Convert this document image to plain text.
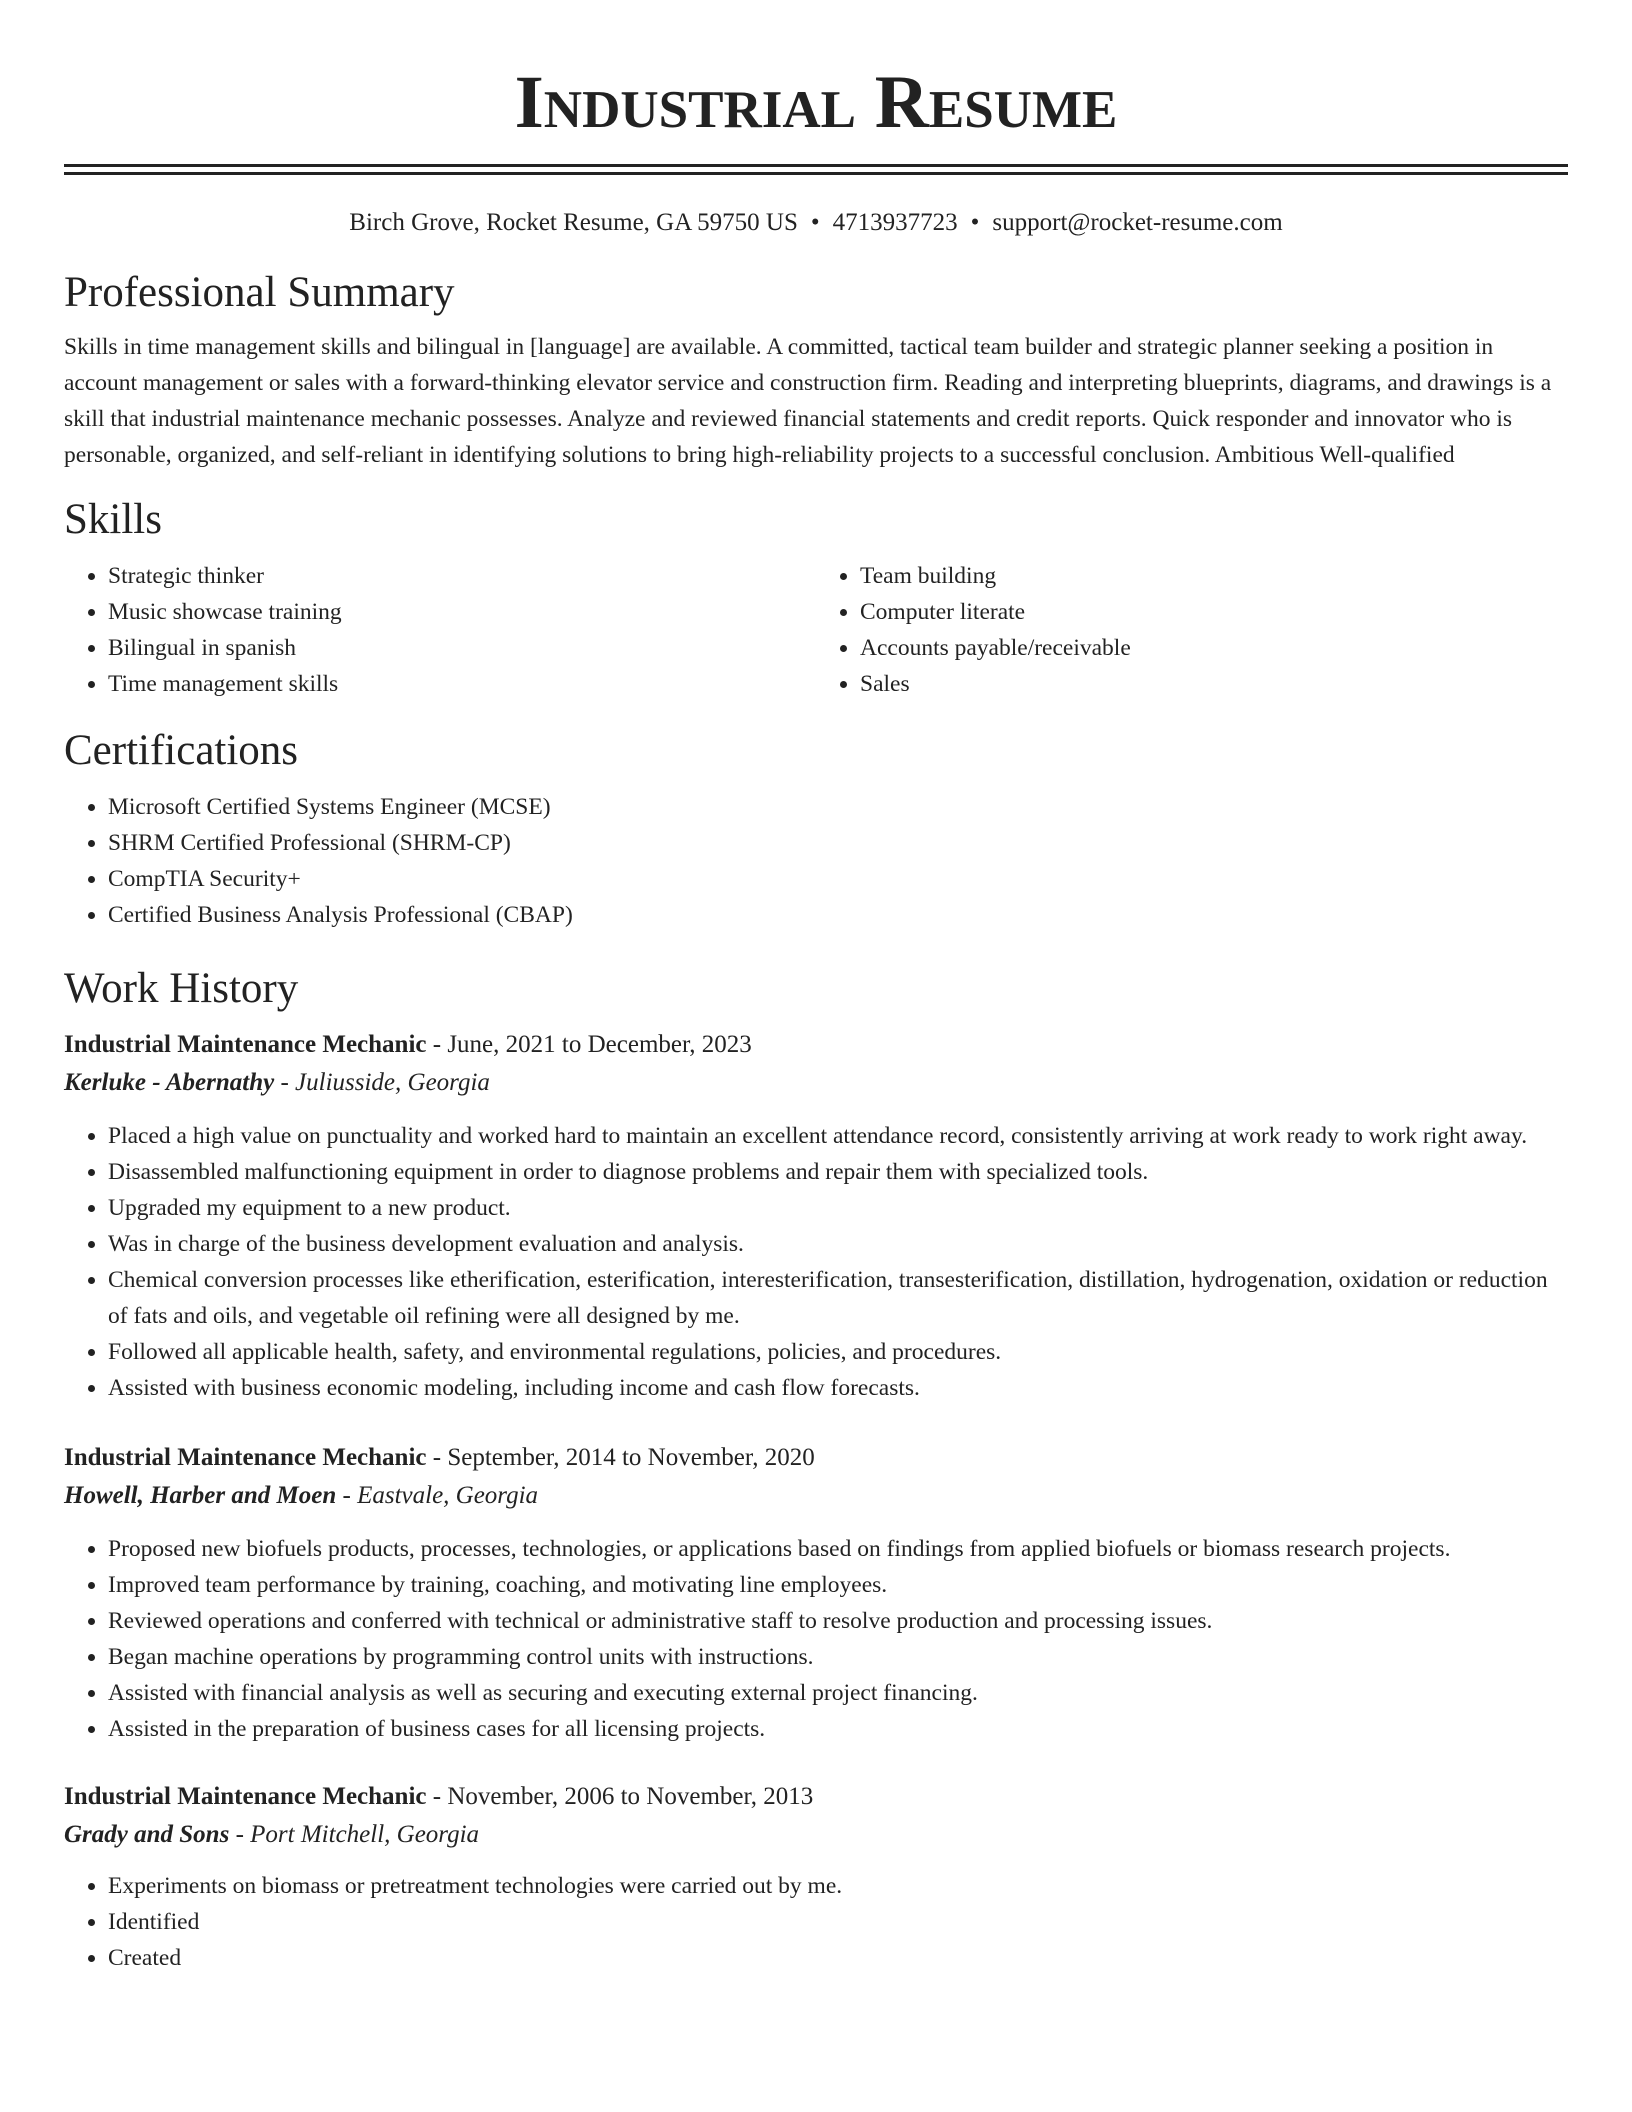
Industrial Resume
Birch Grove, Rocket Resume, GA 59750 US • 4713937723 • support@rocket-resume.com
Professional Summary

Skills in time management skills and bilingual in [language] are available. A committed, tactical team builder and strategic planner seeking a position in account management or sales with a forward-thinking elevator service and construction firm. Reading and interpreting blueprints, diagrams, and drawings is a skill that industrial maintenance mechanic possesses. Analyze and reviewed financial statements and credit reports. Quick responder and innovator who is personable, organized, and self-reliant in identifying solutions to bring high-reliability projects to a successful conclusion. Ambitious Well-qualified

Skills
• Strategic thinker
• Music showcase training
• Bilingual in spanish
• Time management skills
• Team building
• Computer literate
• Accounts payable/receivable
• Sales
Certifications
• Microsoft Certified Systems Engineer (MCSE)
• SHRM Certified Professional (SHRM-CP)
• CompTIA Security+
• Certified Business Analysis Professional (CBAP)
Work History

Industrial Maintenance Mechanic - June, 2021 to December, 2023

Kerluke - Abernathy - Juliusside, Georgia

• Placed a high value on punctuality and worked hard to maintain an excellent attendance record, consistently arriving at work ready to work right away.
• Disassembled malfunctioning equipment in order to diagnose problems and repair them with specialized tools.
• Upgraded my equipment to a new product.
• Was in charge of the business development evaluation and analysis.
• Chemical conversion processes like etherification, esterification, interesterification, transesterification, distillation, hydrogenation, oxidation or reduction of fats and oils, and vegetable oil refining were all designed by me.
• Followed all applicable health, safety, and environmental regulations, policies, and procedures.
• Assisted with business economic modeling, including income and cash flow forecasts.

Industrial Maintenance Mechanic - September, 2014 to November, 2020

Howell, Harber and Moen - Eastvale, Georgia

• Proposed new biofuels products, processes, technologies, or applications based on findings from applied biofuels or biomass research projects.
• Improved team performance by training, coaching, and motivating line employees.
• Reviewed operations and conferred with technical or administrative staff to resolve production and processing issues.
• Began machine operations by programming control units with instructions.
• Assisted with financial analysis as well as securing and executing external project financing.
• Assisted in the preparation of business cases for all licensing projects.

Industrial Maintenance Mechanic - November, 2006 to November, 2013

Grady and Sons - Port Mitchell, Georgia

• Experiments on biomass or pretreatment technologies were carried out by me.
• Identified
• Created
